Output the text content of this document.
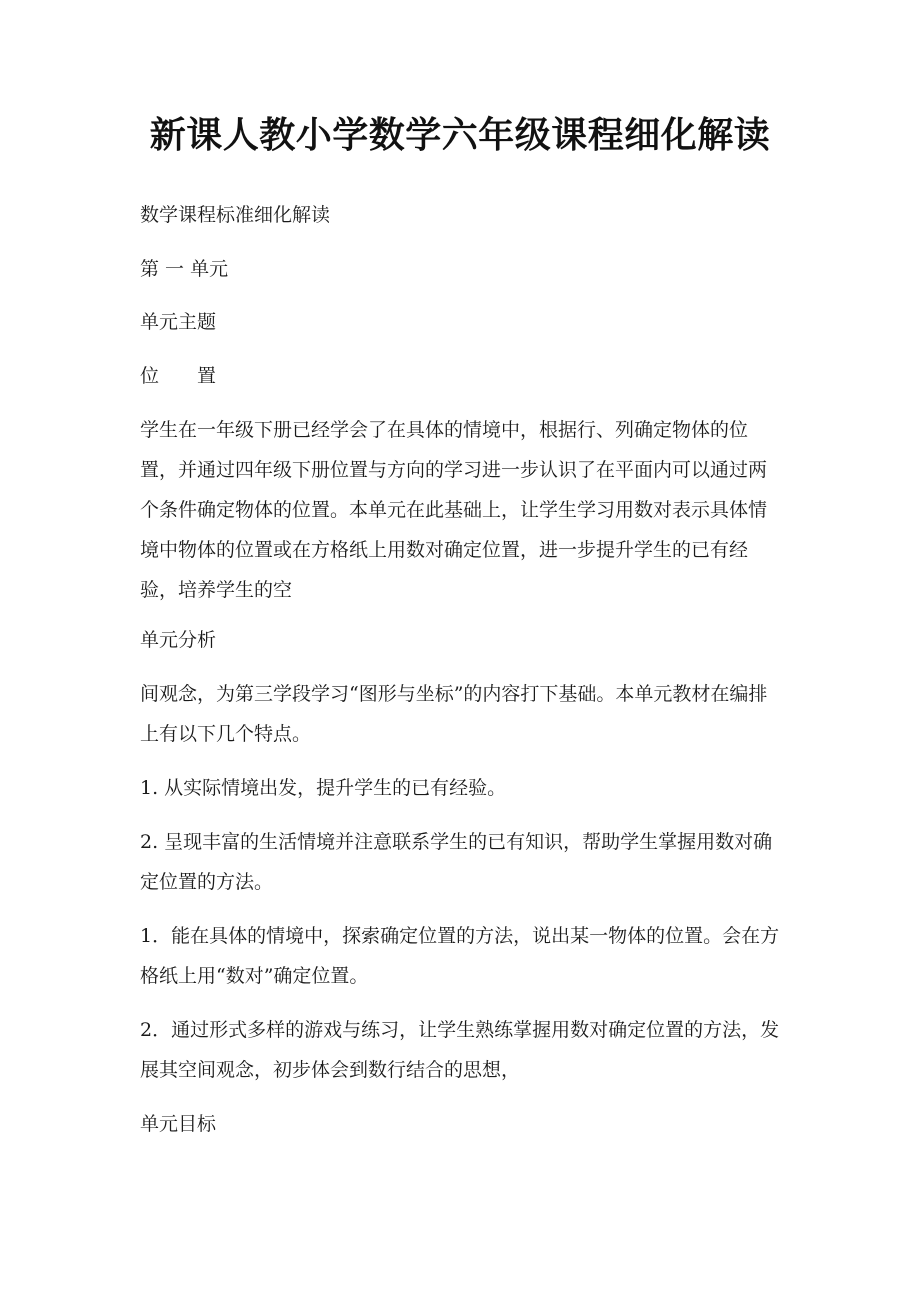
新课人教小学数学六年级课程细化解读

数学课程标准细化解读

第 一 单元

单元主题

位　　置

学生在一年级下册已经学会了在具体的情境中，根据行、列确定物体的位置，并通过四年级下册位置与方向的学习进一步认识了在平面内可以通过两个条件确定物体的位置。本单元在此基础上，让学生学习用数对表示具体情境中物体的位置或在方格纸上用数对确定位置，进一步提升学生的已有经验，培养学生的空

单元分析

间观念，为第三学段学习“图形与坐标”的内容打下基础。本单元教材在编排上有以下几个特点。

1. 从实际情境出发，提升学生的已有经验。

2. 呈现丰富的生活情境并注意联系学生的已有知识，帮助学生掌握用数对确定位置的方法。

1．能在具体的情境中，探索确定位置的方法，说出某一物体的位置。会在方格纸上用“数对”确定位置。

2．通过形式多样的游戏与练习，让学生熟练掌握用数对确定位置的方法，发展其空间观念，初步体会到数行结合的思想，

单元目标
